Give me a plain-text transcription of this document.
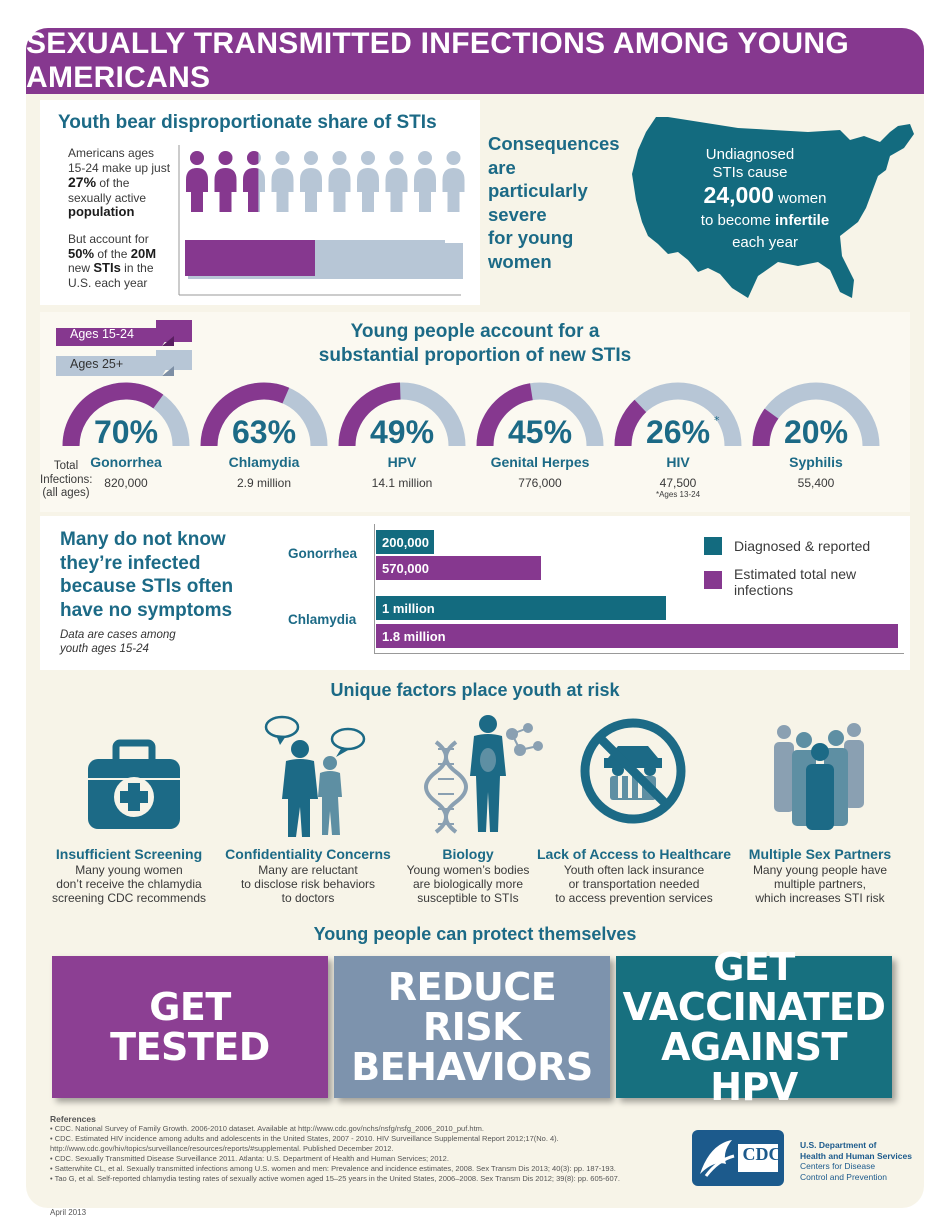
SEXUALLY TRANSMITTED INFECTIONS AMONG YOUNG AMERICANS
Youth bear disproportionate share of STIs
Americans ages
15-24 make up just
27% of the
sexually active
population
But account for
50% of the 20M
new STIs in the
U.S. each year
Consequences
are
particularly
severe
for young
women
Undiagnosed
STIs cause
24,000 women
to become infertile
each year
Ages 15-24
Ages 25+
Young people account for a
substantial proportion of new STIs
Total
Infections:
(all ages)
70%
Gonorrhea
820,000
63%
Chlamydia
2.9 million
49%
HPV
14.1 million
45%
Genital Herpes
776,000
26% *
HIV
47,500
*Ages 13-24
20%
Syphilis
55,400
Many do not know
they’re infected
because STIs often
have no symptoms
Data are cases among
youth ages 15-24
Gonorrhea
Chlamydia
200,000
570,000
1 million
1.8 million
Diagnosed & reported
Estimated total new
infections
Unique factors place youth at risk
Insufficient Screening
Many young women
don’t receive the chlamydia
screening CDC recommends
Confidentiality Concerns
Many are reluctant
to disclose risk behaviors
to doctors
Biology
Young women’s bodies
are biologically more
susceptible to STIs
Lack of Access to Healthcare
Youth often lack insurance
or transportation needed
to access prevention services
Multiple Sex Partners
Many young people have
multiple partners,
which increases STI risk
Young people can protect themselves
GET
TESTED
REDUCE
RISK
BEHAVIORS
GET
VACCINATED
AGAINST HPV
References
• CDC. National Survey of Family Growth. 2006-2010 dataset. Available at http://www.cdc.gov/nchs/nsfg/nsfg_2006_2010_puf.htm.
• CDC. Estimated HIV incidence among adults and adolescents in the United States, 2007 - 2010. HIV Surveillance Supplemental Report 2012;17(No. 4).
http://www.cdc.gov/hiv/topics/surveillance/resources/reports/#supplemental. Published December 2012.
• CDC. Sexually Transmitted Disease Surveillance 2011. Atlanta: U.S. Department of Health and Human Services; 2012.
• Satterwhite CL, et al. Sexually transmitted infections among U.S. women and men: Prevalence and incidence estimates, 2008. Sex Transm Dis 2013; 40(3): pp. 187-193.
• Tao G, et al. Self-reported chlamydia testing rates of sexually active women aged 15–25 years in the United States, 2006–2008. Sex Transm Dis 2012; 39(8): pp. 605-607.
April 2013
CDC	U.S. Department of
Health and Human Services
Centers for Disease
Control and Prevention
